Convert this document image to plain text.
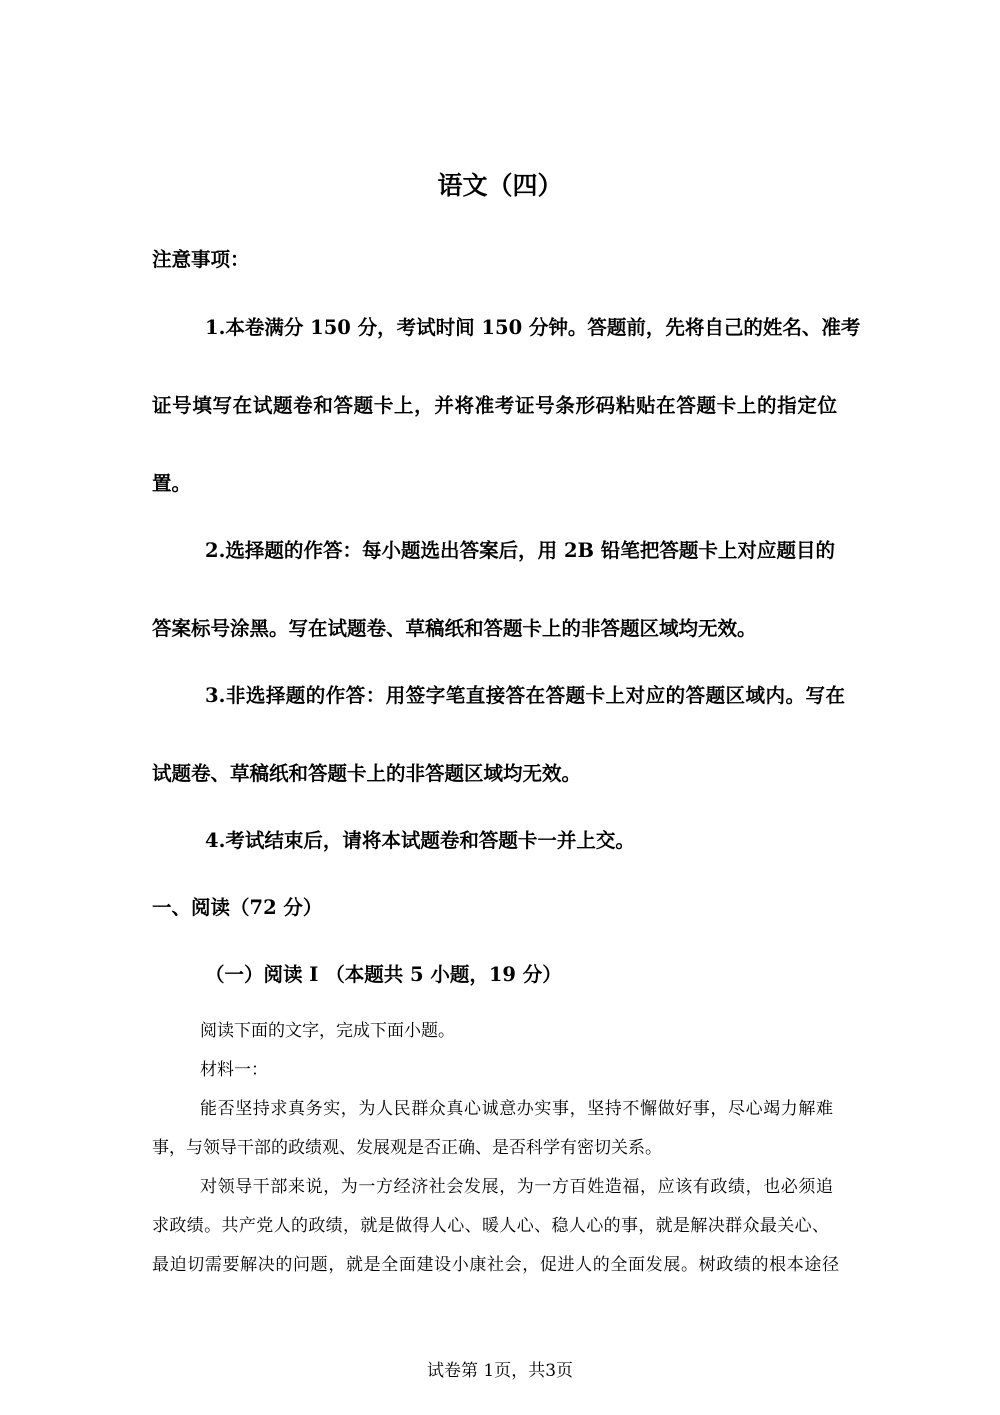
语文（四）
注意事项：
1.本卷满分 150 分，考试时间 150 分钟。答题前，先将自己的姓名、准考
证号填写在试题卷和答题卡上，并将准考证号条形码粘贴在答题卡上的指定位
置。
2.选择题的作答：每小题选出答案后，用 2B 铅笔把答题卡上对应题目的
答案标号涂黑。写在试题卷、草稿纸和答题卡上的非答题区域均无效。
3.非选择题的作答：用签字笔直接答在答题卡上对应的答题区域内。写在
试题卷、草稿纸和答题卡上的非答题区域均无效。
4.考试结束后，请将本试题卷和答题卡一并上交。
一、阅读（72 分）
（一）阅读 I （本题共 5 小题，19 分）
阅读下面的文字，完成下面小题。
材料一：
能否坚持求真务实，为人民群众真心诚意办实事，坚持不懈做好事，尽心竭力解难
事，与领导干部的政绩观、发展观是否正确、是否科学有密切关系。
对领导干部来说，为一方经济社会发展，为一方百姓造福，应该有政绩，也必须追
求政绩。共产党人的政绩，就是做得人心、暖人心、稳人心的事，就是解决群众最关心、
最迫切需要解决的问题，就是全面建设小康社会，促进人的全面发展。树政绩的根本途径
试卷第 1页，共3页
